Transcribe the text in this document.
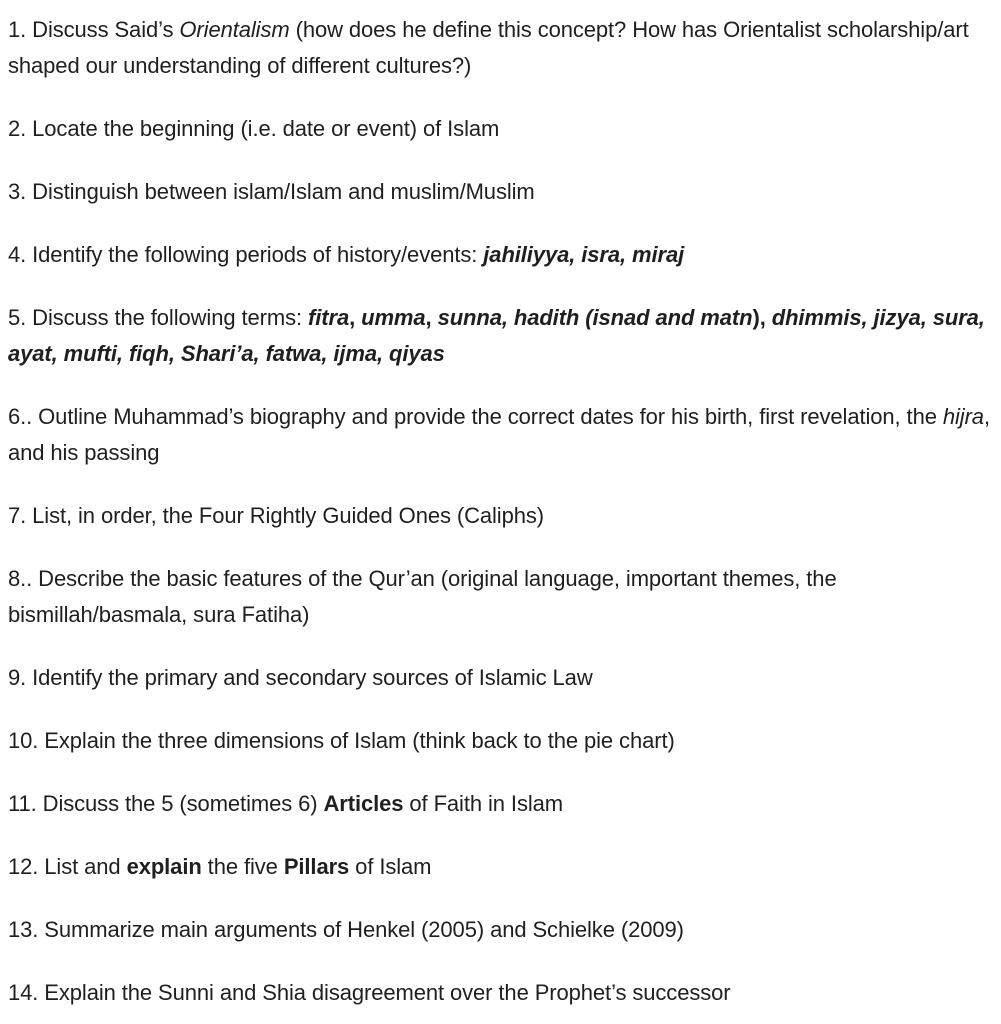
1. Discuss Said’s Orientalism (how does he define this concept? How has Orientalist scholarship/art shaped our understanding of different cultures?)

2. Locate the beginning (i.e. date or event) of Islam

3. Distinguish between islam/Islam and muslim/Muslim

4. Identify the following periods of history/events: jahiliyya, isra, miraj

5. Discuss the following terms: fitra, umma, sunna, hadith (isnad and matn), dhimmis, jizya, sura, ayat, mufti, fiqh, Shari’a, fatwa, ijma, qiyas

6.. Outline Muhammad’s biography and provide the correct dates for his birth, first revelation, the hijra, and his passing

7. List, in order, the Four Rightly Guided Ones (Caliphs)

8.. Describe the basic features of the Qur’an (original language, important themes, the bismillah/basmala, sura Fatiha)

9. Identify the primary and secondary sources of Islamic Law

10. Explain the three dimensions of Islam (think back to the pie chart)

11. Discuss the 5 (sometimes 6) Articles of Faith in Islam

12. List and explain the five Pillars of Islam

13. Summarize main arguments of Henkel (2005) and Schielke (2009)

14. Explain the Sunni and Shia disagreement over the Prophet’s successor
